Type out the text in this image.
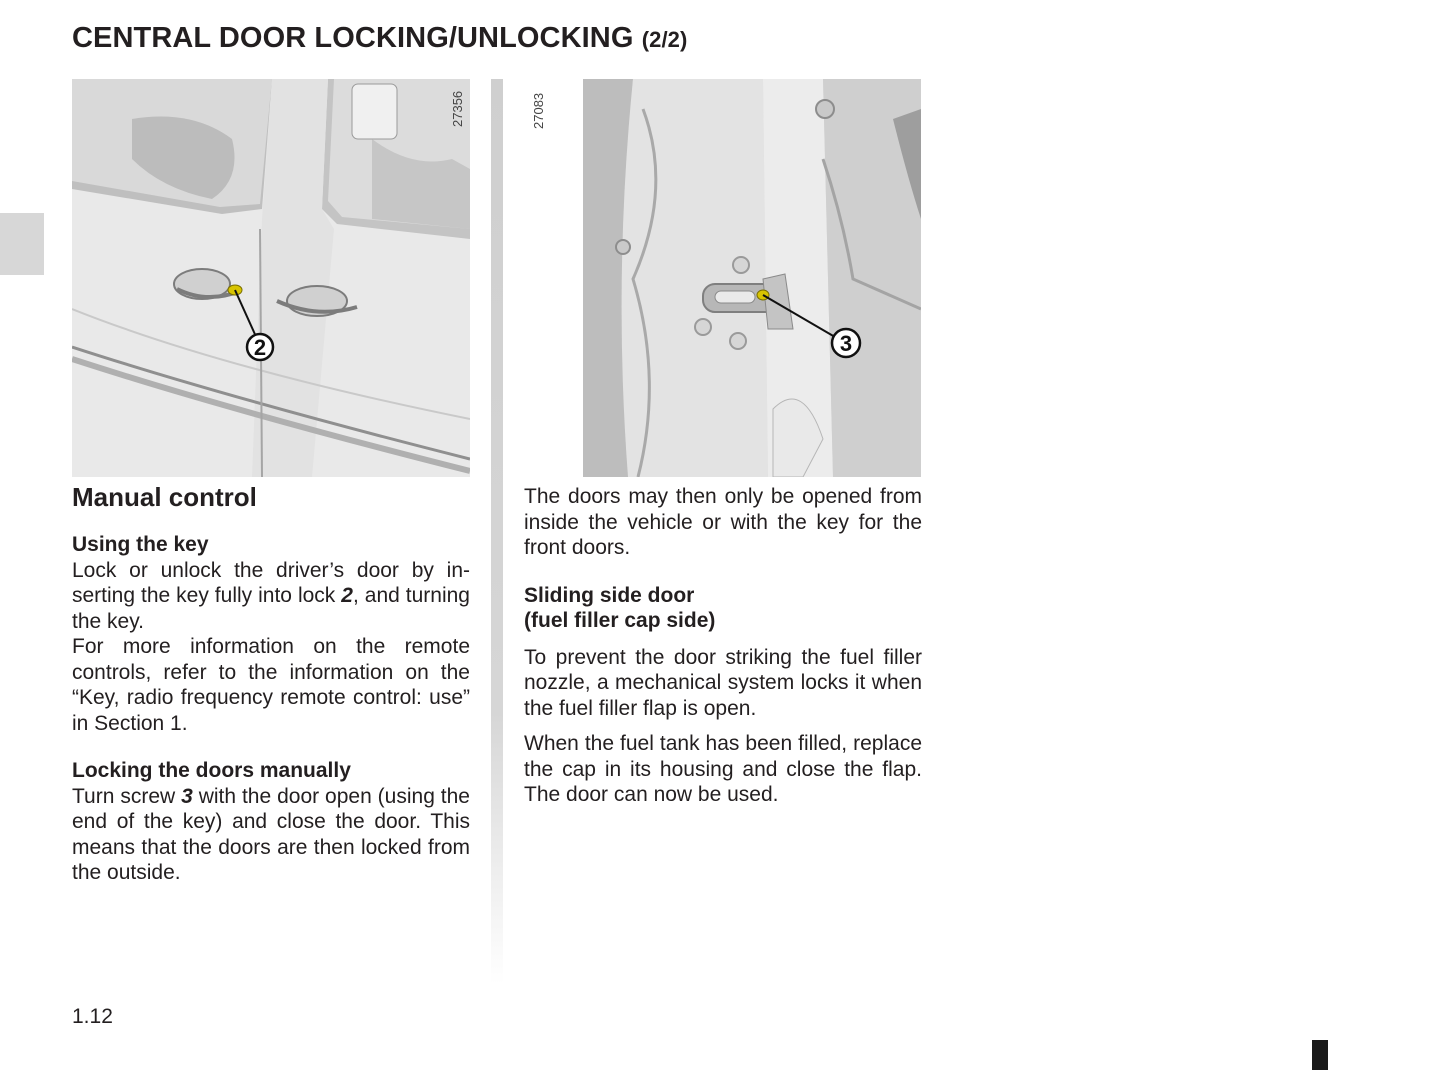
CENTRAL DOOR LOCKING/UNLOCKING (2/2)
2
27356
3
27083
Manual control
Using the key

Lock or unlock the driver’s door by inserting the key fully into lock 2, and turning the key.

For more information on the remote controls, refer to the information on the “Key, radio frequency remote control: use” in Section 1.

Locking the doors manually

Turn screw 3 with the door open (using the end of the key) and close the door. This means that the doors are then locked from the outside.

The doors may then only be opened from inside the vehicle or with the key for the front doors.

Sliding side door
(fuel filler cap side)

To prevent the door striking the fuel filler nozzle, a mechanical system locks it when the fuel filler flap is open.

When the fuel tank has been filled, replace the cap in its housing and close the flap. The door can now be used.

1.12
